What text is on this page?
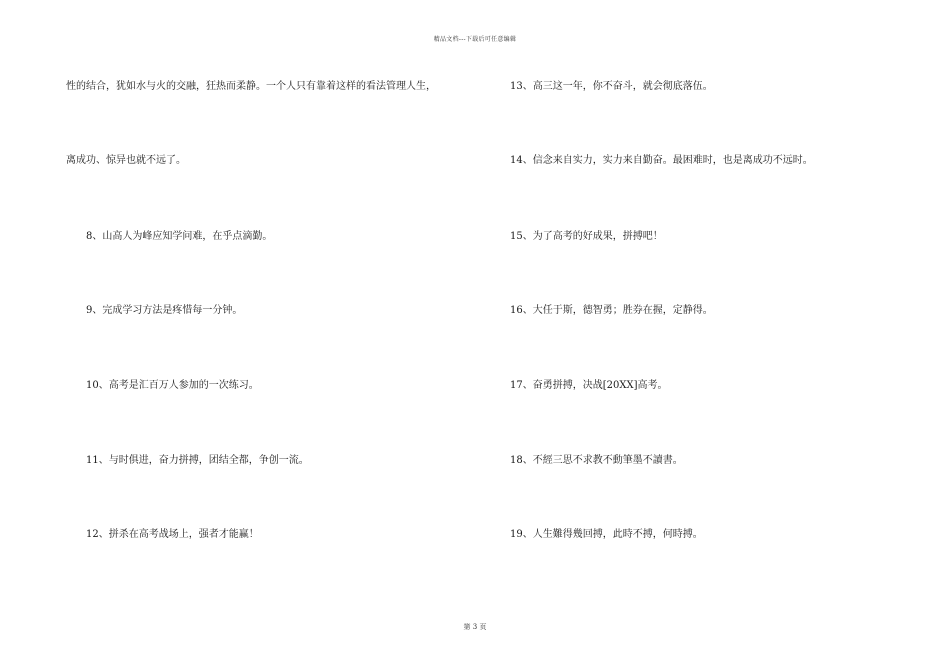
精品文档---下载后可任意编辑
性的结合，犹如水与火的交融，狂热而柔静。一个人只有靠着这样的看法管理人生，
离成功、惊异也就不远了。
8、山高人为峰应知学问难，在乎点滴勤。
9、完成学习方法是疼惜每一分钟。
10、高考是汇百万人参加的一次练习。
11、与时俱进，奋力拼搏，团结全都，争创一流。
12、拼杀在高考战场上，强者才能赢！
13、高三这一年，你不奋斗，就会彻底落伍。
14、信念来自实力，实力来自勤奋。最困难时，也是离成功不远时。
15、为了高考的好成果，拼搏吧！
16、大任于斯，德智勇；胜券在握，定静得。
17、奋勇拼搏，决战[20XX]高考。
18、不經三思不求教不動筆墨不讀書。
19、人生難得幾回搏，此時不搏，何時搏。
第 3 页
